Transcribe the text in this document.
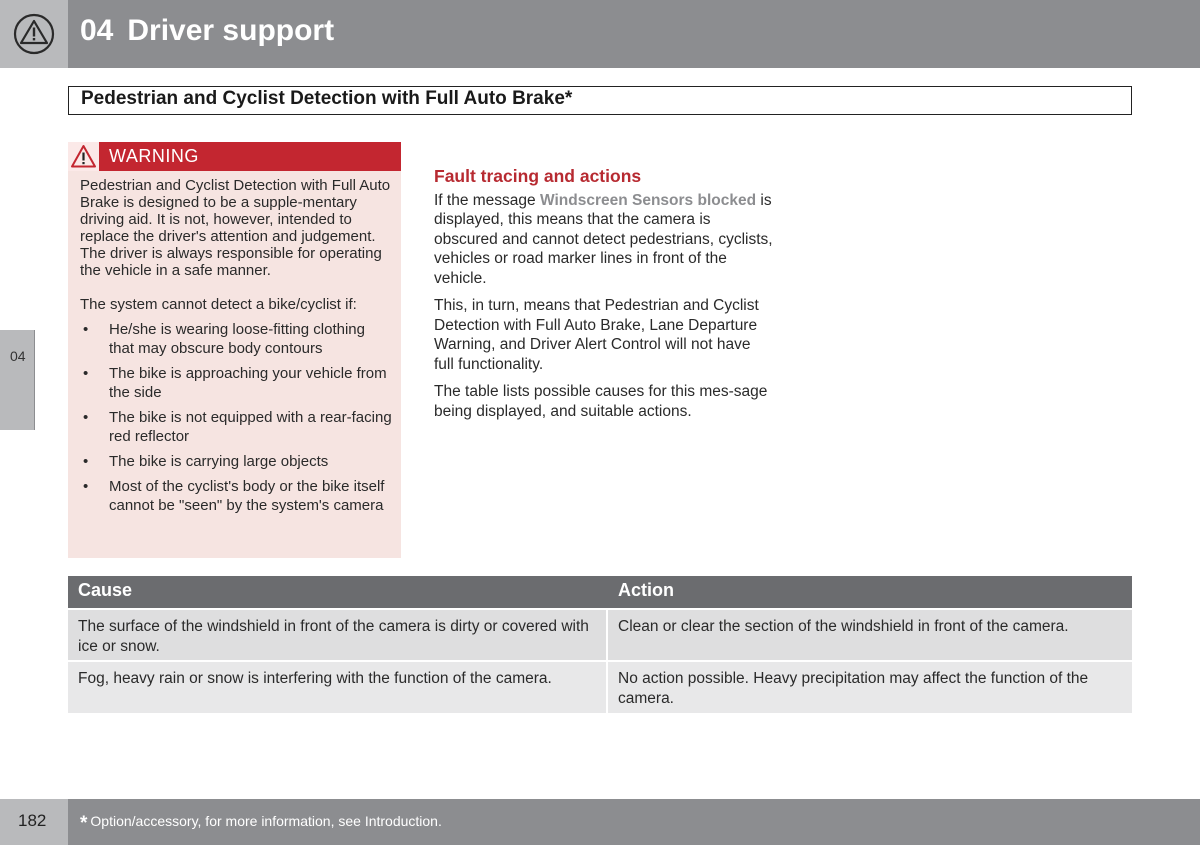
04 Driver support
04
Pedestrian and Cyclist Detection with Full Auto Brake*
WARNING

Pedestrian and Cyclist Detection with Full Auto Brake is designed to be a supple-mentary driving aid. It is not, however, intended to replace the driver's attention and judgement. The driver is always responsible for operating the vehicle in a safe manner.

The system cannot detect a bike/cyclist if:

• He/she is wearing loose-fitting clothing that may obscure body contours
• The bike is approaching your vehicle from the side
• The bike is not equipped with a rear-facing red reflector
• The bike is carrying large objects
• Most of the cyclist's body or the bike itself cannot be "seen" by the system's camera
Fault tracing and actions

If the message Windscreen Sensors blocked is displayed, this means that the camera is obscured and cannot detect pedestrians, cyclists, vehicles or road marker lines in front of the vehicle.

This, in turn, means that Pedestrian and Cyclist Detection with Full Auto Brake, Lane Departure Warning, and Driver Alert Control will not have full functionality.

The table lists possible causes for this mes-sage being displayed, and suitable actions.

Cause	Action
The surface of the windshield in front of the camera is dirty or covered with ice or snow.
Clean or clear the section of the windshield in front of the camera.
Fog, heavy rain or snow is interfering with the function of the camera.	No action possible. Heavy precipitation may affect the function of the camera.
182 * Option/accessory, for more information, see Introduction.
